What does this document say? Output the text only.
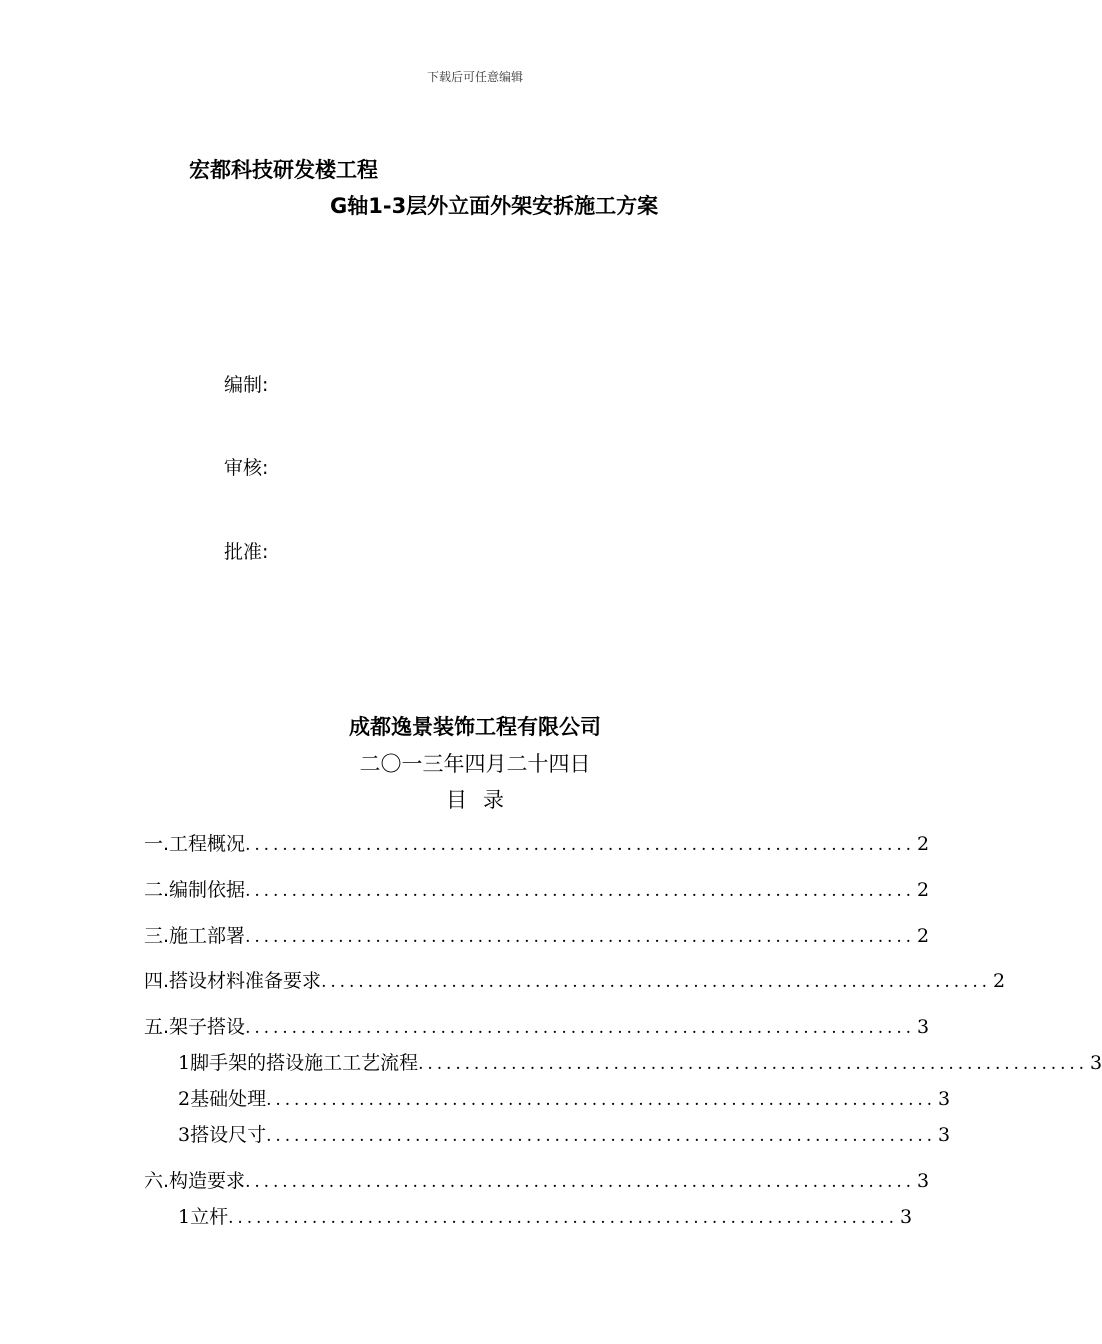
下载后可任意编辑
宏都科技研发楼工程
G轴1-3层外立面外架安拆施工方案
编制:
审核:
批准:
成都逸景装饰工程有限公司
二〇一三年四月二十四日
目录
一. 工程概况 ........................................................................ 2
二. 编制依据 ........................................................................ 2
三. 施工部署 ........................................................................ 2
四. 搭设材料准备要求 ........................................................................ 2
五. 架子搭设 ........................................................................ 3
1 脚手架的搭设施工工艺流程 ........................................................................ 3
2 基础处理 ........................................................................ 3
3 搭设尺寸 ........................................................................ 3
六. 构造要求 ........................................................................ 3
1 立杆 ........................................................................ 3
